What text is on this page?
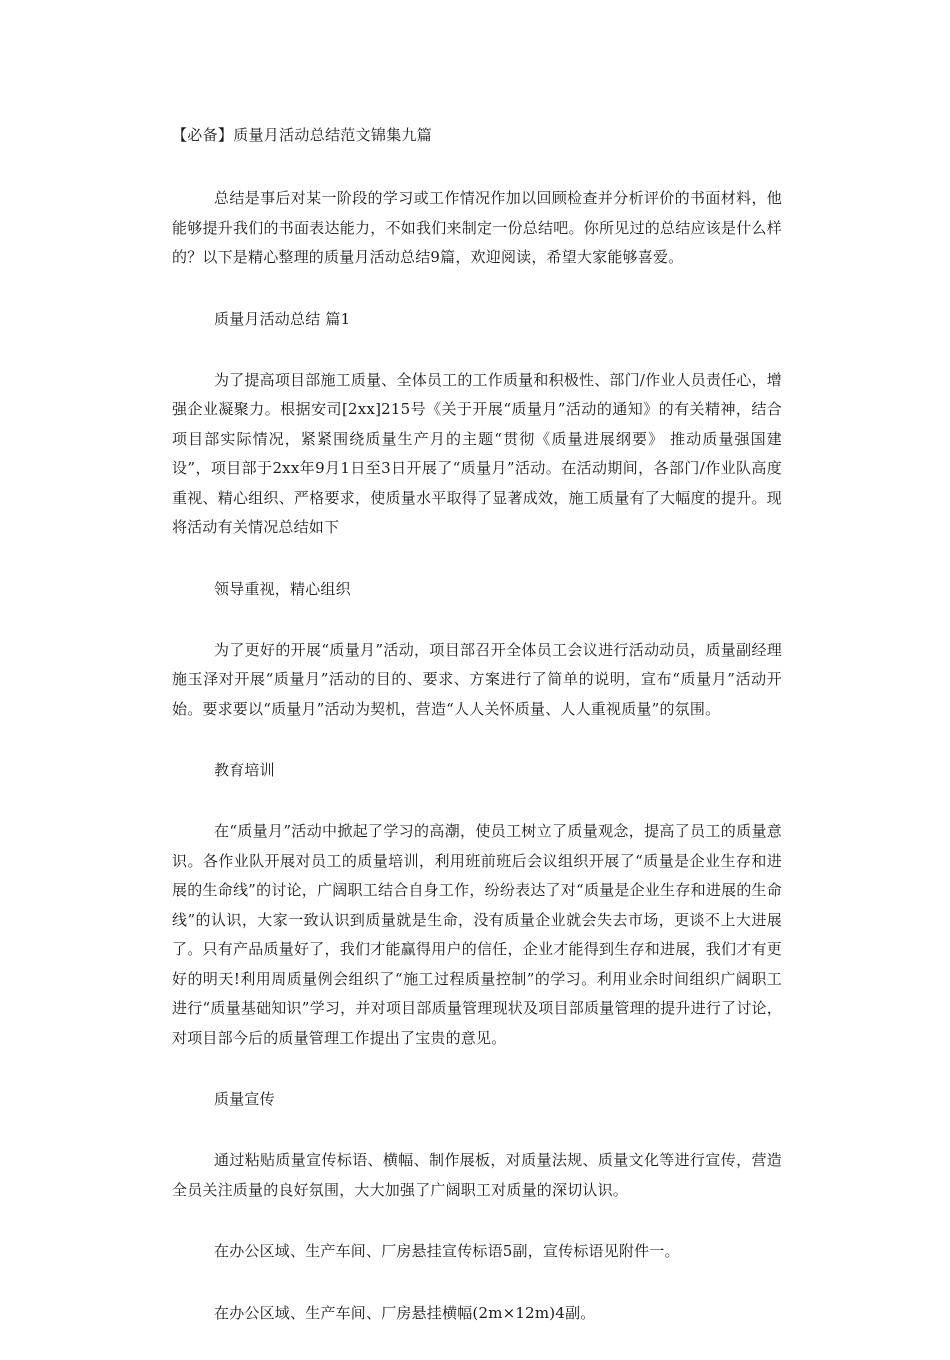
【必备】质量月活动总结范文锦集九篇

总结是事后对某一阶段的学习或工作情况作加以回顾检查并分析评价的书面材料，他能够提升我们的书面表达能力，不如我们来制定一份总结吧。你所见过的总结应该是什么样的？以下是精心整理的质量月活动总结9篇，欢迎阅读，希望大家能够喜爱。

质量月活动总结 篇1

为了提高项目部施工质量、全体员工的工作质量和积极性、部门/作业人员责任心，增强企业凝聚力。根据安司[2xx]215号《关于开展“质量月”活动的通知》的有关精神，结合项目部实际情况，紧紧围绕质量生产月的主题“贯彻《质量进展纲要》 推动质量强国建设”，项目部于2xx年9月1日至3日开展了“质量月”活动。在活动期间，各部门/作业队高度重视、精心组织、严格要求，使质量水平取得了显著成效，施工质量有了大幅度的提升。现将活动有关情况总结如下

领导重视，精心组织

为了更好的开展“质量月”活动，项目部召开全体员工会议进行活动动员，质量副经理施玉泽对开展“质量月”活动的目的、要求、方案进行了简单的说明，宣布“质量月”活动开始。要求要以“质量月”活动为契机，营造“人人关怀质量、人人重视质量”的氛围。

教育培训

在“质量月”活动中掀起了学习的高潮，使员工树立了质量观念，提高了员工的质量意识。各作业队开展对员工的质量培训，利用班前班后会议组织开展了“质量是企业生存和进展的生命线”的讨论，广阔职工结合自身工作，纷纷表达了对“质量是企业生存和进展的生命线”的认识，大家一致认识到质量就是生命，没有质量企业就会失去市场，更谈不上大进展了。只有产品质量好了，我们才能赢得用户的信任，企业才能得到生存和进展，我们才有更好的明天!利用周质量例会组织了“施工过程质量控制”的学习。利用业余时间组织广阔职工进行“质量基础知识”学习，并对项目部质量管理现状及项目部质量管理的提升进行了讨论，对项目部今后的质量管理工作提出了宝贵的意见。

质量宣传

通过粘贴质量宣传标语、横幅、制作展板，对质量法规、质量文化等进行宣传，营造全员关注质量的良好氛围，大大加强了广阔职工对质量的深切认识。

在办公区域、生产车间、厂房悬挂宣传标语5副，宣传标语见附件一。

在办公区域、生产车间、厂房悬挂横幅(2m×12m)4副。
